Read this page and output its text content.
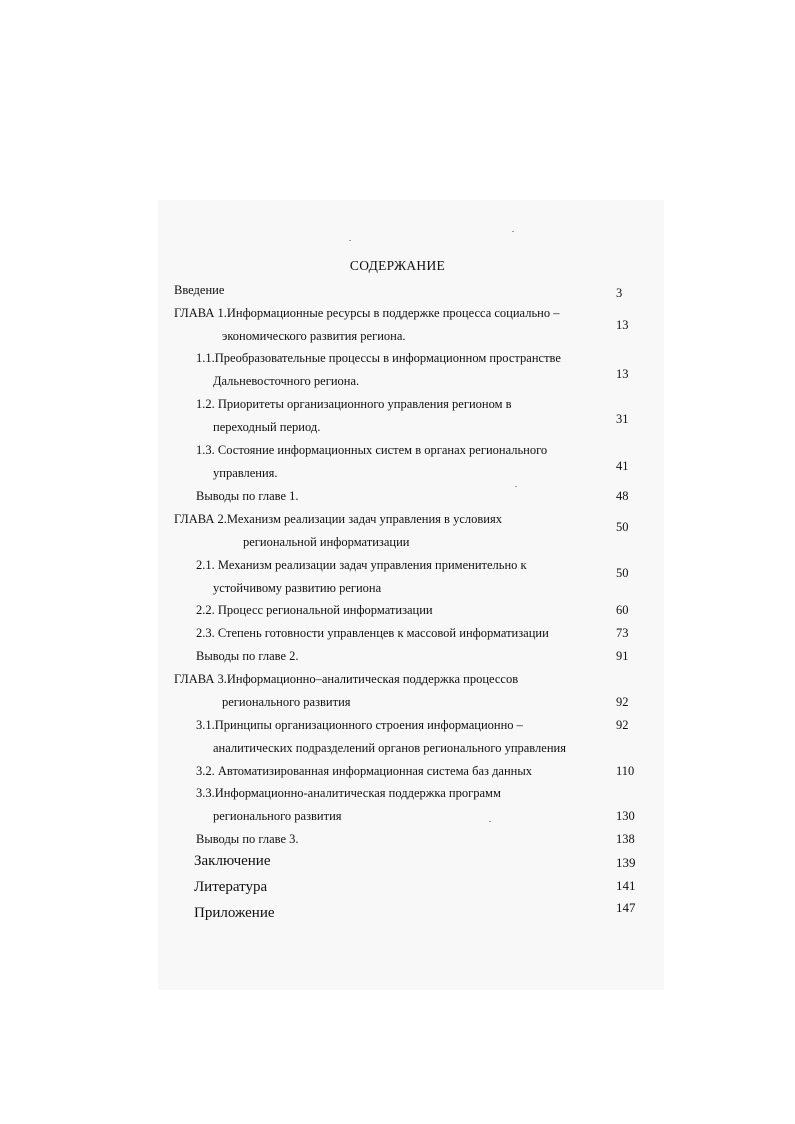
СОДЕРЖАНИЕ
Введение	3
ГЛАВА 1.Информационные ресурсы в поддержке процесса социально –
экономического развития региона.
13
1.1.Преобразовательные процессы в информационном пространстве
Дальневосточного региона.	13
1.2. Приоритеты организационного управления регионом в
переходный период.
31
1.3. Состояние информационных систем в органах регионального
управления.	41
Выводы по главе 1.	48
ГЛАВА 2.Механизм реализации задач управления в условиях
региональной информатизации
50
2.1. Механизм реализации задач управления применительно к
устойчивому развитию региона
50
2.2. Процесс региональной информатизации	60
2.3. Степень готовности управленцев к массовой информатизации	73
Выводы по главе 2.	91
ГЛАВА 3.Информационно–аналитическая поддержка процессов
регионального развития	92
3.1.Принципы организационного строения информационно –
аналитических подразделений органов регионального управления
92
3.2. Автоматизированная информационная система баз данных	110
3.3.Информационно-аналитическая поддержка программ
регионального развития	130
Выводы по главе 3.	138
Заключение	139
Литература	141
Приложение	147
